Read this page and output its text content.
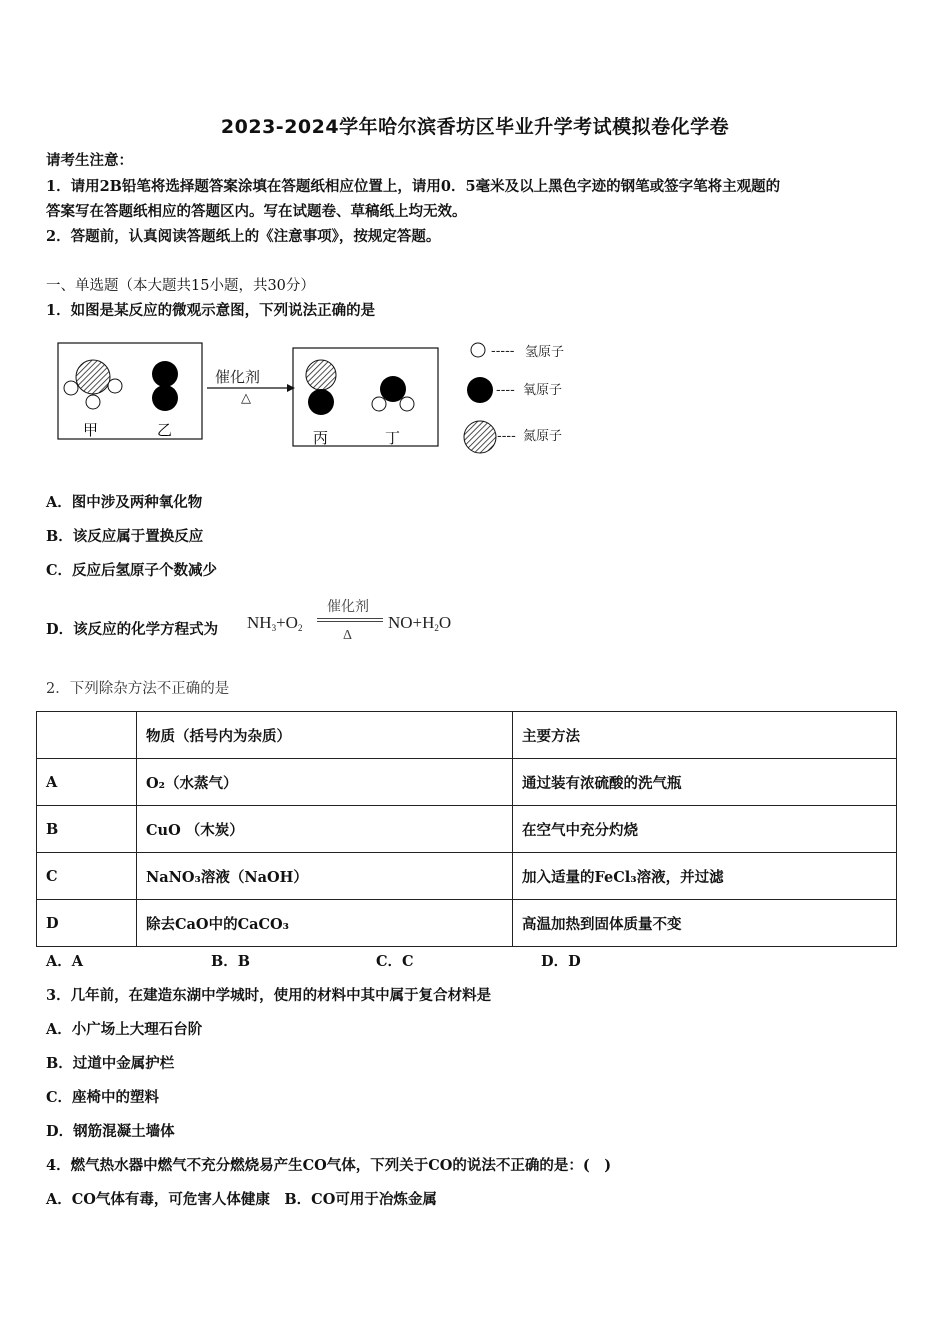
2023-2024学年哈尔滨香坊区毕业升学考试模拟卷化学卷
请考生注意：
1．请用2B铅笔将选择题答案涂填在答题纸相应位置上，请用0．5毫米及以上黑色字迹的钢笔或签字笔将主观题的
答案写在答题纸相应的答题区内。写在试题卷、草稿纸上均无效。
2．答题前，认真阅读答题纸上的《注意事项》，按规定答题。
一、单选题（本大题共15小题，共30分）
1．如图是某反应的微观示意图，下列说法正确的是
甲	乙
催化剂
△
丙	丁
----- 氢原子
---- 氧原子
---- 氮原子
A．图中涉及两种氧化物
B．该反应属于置换反应
C．反应后氢原子个数减少
D．该反应的化学方程式为 $NH_3+O_2$
催化剂
Δ
$NO+H_2O$
2．下列除杂方法不正确的是
	物质（括号内为杂质）	主要方法
A	O₂（水蒸气）	通过装有浓硫酸的洗气瓶
B	CuO （木炭）	在空气中充分灼烧
C	NaNO₃溶液（NaOH）	加入适量的FeCl₃溶液，并过滤
D	除去CaO中的CaCO₃	高温加热到固体质量不变
A．A	B．B	C．C	D．D
3．几年前，在建造东湖中学城时，使用的材料中其中属于复合材料是
A．小广场上大理石台阶
B．过道中金属护栏
C．座椅中的塑料
D．钢筋混凝土墙体
4．燃气热水器中燃气不充分燃烧易产生CO气体，下列关于CO的说法不正确的是：(　)
A．CO气体有毒，可危害人体健康　B．CO可用于冶炼金属
